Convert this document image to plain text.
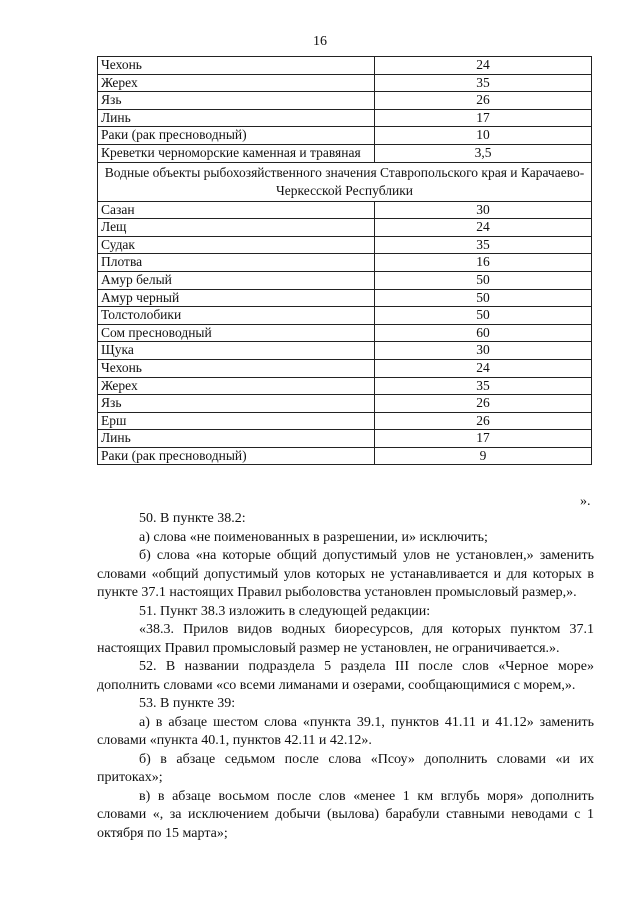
16
Чехонь	24
Жерех	35
Язь	26
Линь	17
Раки (рак пресноводный)	10
Креветки черноморские каменная и травяная	3,5
Водные объекты рыбохозяйственного значения Ставропольского края и Карачаево-Черкесской Республики	
Сазан	30
Лещ	24
Судак	35
Плотва	16
Амур белый	50
Амур черный	50
Толстолобики	50
Сом пресноводный	60
Щука	30
Чехонь	24
Жерех	35
Язь	26
Ерш	26
Линь	17
Раки (рак пресноводный)	9
».

50. В пункте 38.2:

а) слова «не поименованных в разрешении, и» исключить;

б) слова «на которые общий допустимый улов не установлен,» заменить словами «общий допустимый улов которых не устанавливается и для которых в пункте 37.1 настоящих Правил рыболовства установлен промысловый размер,».

51. Пункт 38.3 изложить в следующей редакции:

«38.3. Прилов видов водных биоресурсов, для которых пунктом 37.1 настоящих Правил промысловый размер не установлен, не ограничивается.».

52. В названии подраздела 5 раздела III после слов «Черное море» дополнить словами «со всеми лиманами и озерами, сообщающимися с морем,».

53. В пункте 39:

а) в абзаце шестом слова «пункта 39.1, пунктов 41.11 и 41.12» заменить словами «пункта 40.1, пунктов 42.11 и 42.12».

б) в абзаце седьмом после слова «Псоу» дополнить словами «и их притоках»;

в) в абзаце восьмом после слов «менее 1 км вглубь моря» дополнить словами «, за исключением добычи (вылова) барабули ставными неводами с 1 октября по 15 марта»;
